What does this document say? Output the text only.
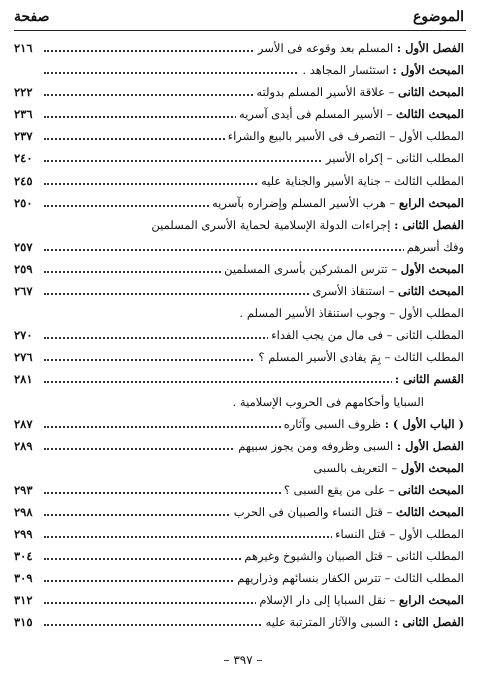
الموضوع
صفحة
الفصل الأول : المسلم بعد وقوعه فى الأسر
٢١٦
المبحث الأول : استئسار المجاهد .
المبحث الثانى – علاقة الأسير المسلم بدولته
٢٢٢
المبحث الثالث – الأسير المسلم فى أيدى آسريه
٢٣٦
المطلب الأول – التصرف فى الأسير بالبيع والشراء
٢٣٧
المطلب الثانى – إكراه الأسير
٢٤٠
المطلب الثالث – جناية الأسير والجناية عليه
٢٤٥
المبحث الرابع – هرب الأسير المسلم وإضراره بآسريه
٢٥٠
الفصل الثانى : إجراءات الدولة الإسلامية لحماية الأسرى المسلمين
وفك أسرهم
٢٥٧
المبحث الأول – تترس المشركين بأسرى المسلمين
٢٥٩
المبحث الثانى – استنقاذ الأسرى
٢٦٧
المطلب الأول – وجوب استنقاذ الأسير المسلم .
المطلب الثانى – فى مال من يجب الفداء
٢٧٠
المطلب الثالث – بِمَ يفادى الأسير المسلم ؟
٢٧٦
القسم الثانى :
٢٨١
السبايا وأحكامهم فى الحروب الإسلامية .
( الباب الأول ) : ظروف السبى وآثاره
٢٨٧
الفصل الأول : السبى وظروفه ومن يجوز سبيهم
٢٨٩
المبحث الأول – التعريف بالسبى
المبحث الثانى – على من يقع السبى ؟
٢٩٣
المبحث الثالث – قتل النساء والصبيان فى الحرب
٢٩٨
المطلب الأول – قتل النساء
٢٩٩
المطلب الثانى – قتل الصبيان والشيوخ وغيرهم
٣٠٤
المطلب الثالث – تترس الكفار بنسائهم وذراريهم
٣٠٩
المبحث الرابع – نقل السبايا إلى دار الإسلام
٣١٢
الفصل الثانى : السبى والآثار المترتبة عليه
٣١٥
– ٣٩٧ –
